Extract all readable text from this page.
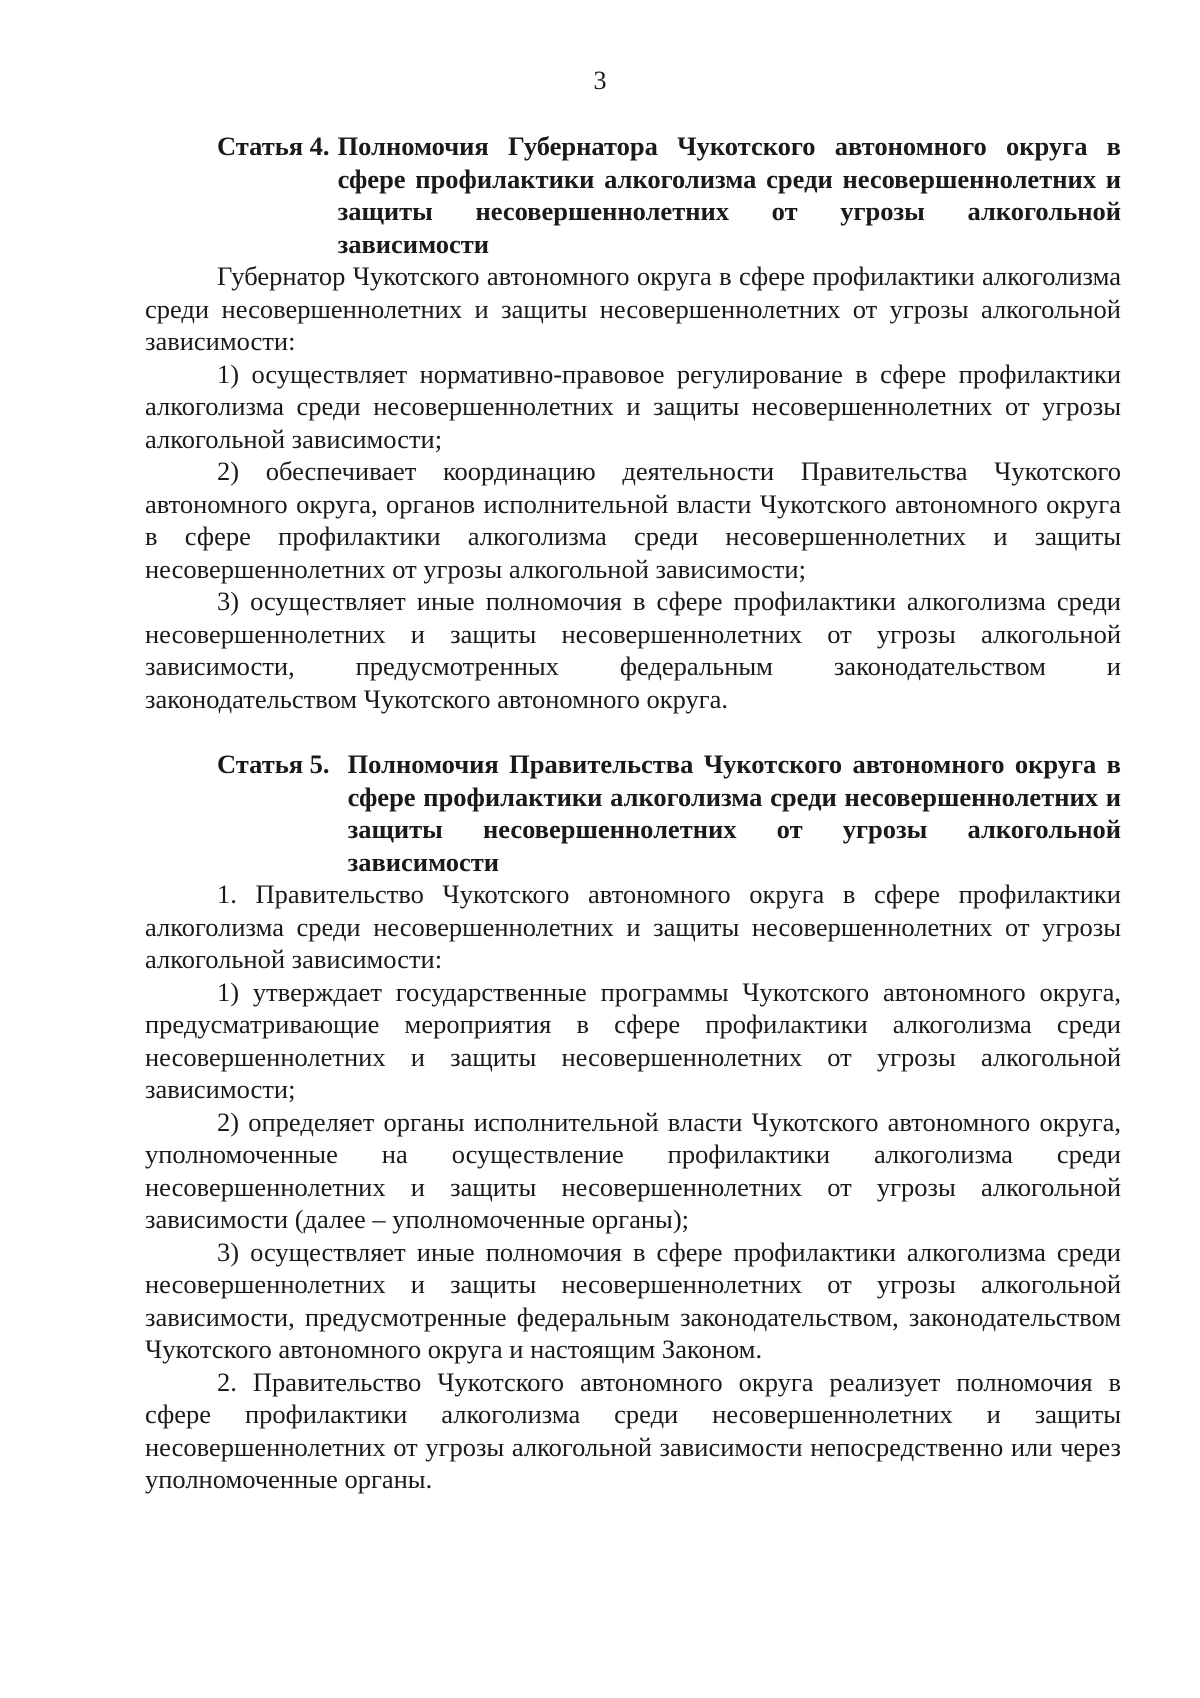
3
Статья 4. Полномочия Губернатора Чукотского автономного округа в сфере профилактики алкоголизма среди несовершеннолетних и защиты несовершеннолетних от угрозы алкогольной зависимости

Губернатор Чукотского автономного округа в сфере профилактики алкоголизма среди несовершеннолетних и защиты несовершеннолетних от угрозы алкогольной зависимости:

1) осуществляет нормативно-правовое регулирование в сфере профилактики алкоголизма среди несовершеннолетних и защиты несовершеннолетних от угрозы алкогольной зависимости;

2) обеспечивает координацию деятельности Правительства Чукотского автономного округа, органов исполнительной власти Чукотского автономного округа в сфере профилактики алкоголизма среди несовершеннолетних и защиты несовершеннолетних от угрозы алкогольной зависимости;

3) осуществляет иные полномочия в сфере профилактики алкоголизма среди несовершеннолетних и защиты несовершеннолетних от угрозы алкогольной зависимости, предусмотренных федеральным законодательством и законодательством Чукотского автономного округа.

Статья 5. Полномочия Правительства Чукотского автономного округа в сфере профилактики алкоголизма среди несовершеннолетних и защиты несовершеннолетних от угрозы алкогольной зависимости

1. Правительство Чукотского автономного округа в сфере профилактики алкоголизма среди несовершеннолетних и защиты несовершеннолетних от угрозы алкогольной зависимости:

1) утверждает государственные программы Чукотского автономного округа, предусматривающие мероприятия в сфере профилактики алкоголизма среди несовершеннолетних и защиты несовершеннолетних от угрозы алкогольной зависимости;

2) определяет органы исполнительной власти Чукотского автономного округа, уполномоченные на осуществление профилактики алкоголизма среди несовершеннолетних и защиты несовершеннолетних от угрозы алкогольной зависимости (далее – уполномоченные органы);

3) осуществляет иные полномочия в сфере профилактики алкоголизма среди несовершеннолетних и защиты несовершеннолетних от угрозы алкогольной зависимости, предусмотренные федеральным законодательством, законодательством Чукотского автономного округа и настоящим Законом.

2. Правительство Чукотского автономного округа реализует полномочия в сфере профилактики алкоголизма среди несовершеннолетних и защиты несовершеннолетних от угрозы алкогольной зависимости непосредственно или через уполномоченные органы.
